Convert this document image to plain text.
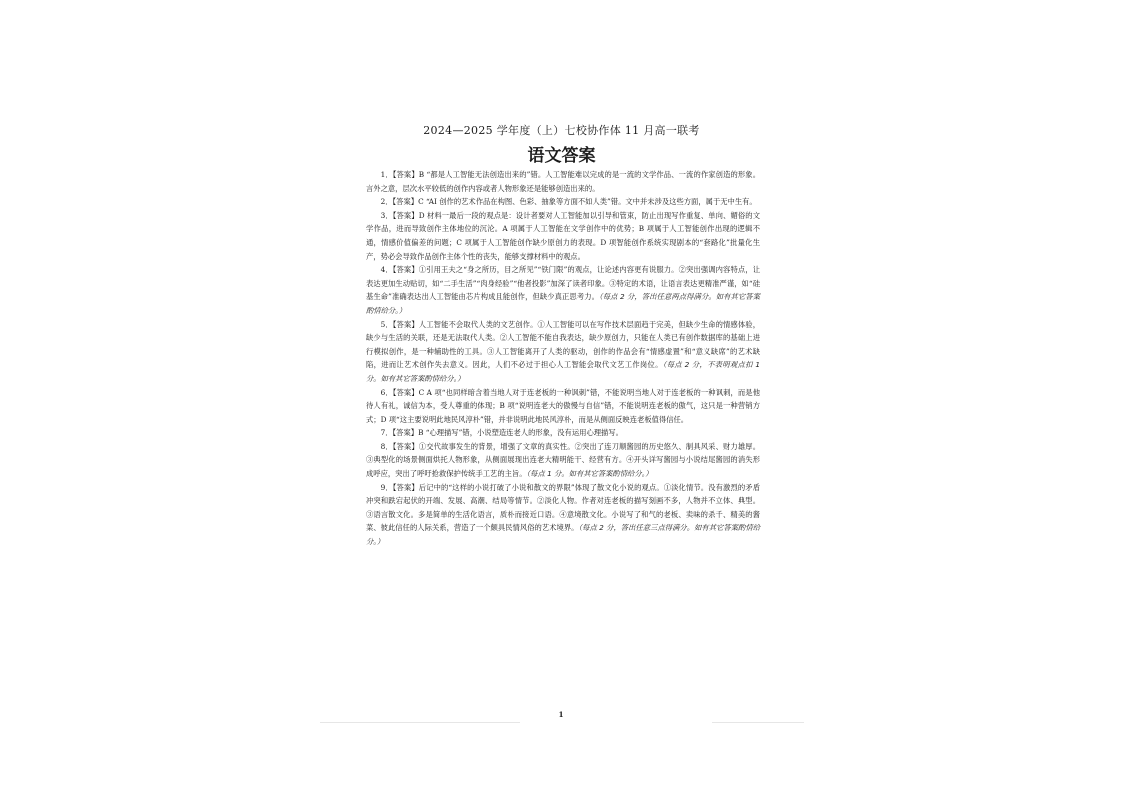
2024—2025 学年度（上）七校协作体 11 月高一联考
语文答案

1．【答案】B “都是人工智能无法创造出来的”错。人工智能难以完成的是一流的文学作品、一流的作家创造的形象。言外之意，层次水平较低的创作内容或者人物形象还是能够创造出来的。

2．【答案】C “AI 创作的艺术作品在构图、色彩、抽象等方面不如人类”错。文中并未涉及这些方面，属于无中生有。

3．【答案】D 材料一最后一段的观点是：设计者要对人工智能加以引导和管束，防止出现写作重复、单向、媚俗的文学作品，进而导致创作主体地位的沉沦。A 项属于人工智能在文学创作中的优势；B 项属于人工智能创作出现的逻辑不通，情感价值偏差的问题；C 项属于人工智能创作缺少原创力的表现。D 项智能创作系统实现剧本的“套路化”批量化生产，势必会导致作品创作主体个性的丧失，能够支撑材料中的观点。

4．【答案】①引用王夫之“身之所历，目之所见”“铁门限”的观点，让论述内容更有说服力。②突出强调内容特点，让表达更加生动贴切，如“二手生活”“肉身经验”“他者投影”加深了读者印象。③特定的术语，让语言表达更精准严谨，如“硅基生命”准确表达出人工智能由芯片构成且能创作，但缺少真正思考力。（每点 2 分，答出任意两点得满分。如有其它答案酌情给分。）

5．【答案】人工智能不会取代人类的文艺创作。①人工智能可以在写作技术层面趋于完美，但缺少生命的情感体验，缺少与生活的关联，还是无法取代人类。②人工智能不能自我表达，缺少原创力，只能在人类已有创作数据库的基础上进行模拟创作，是一种辅助性的工具。③人工智能离开了人类的驱动，创作的作品会有“情感虚置”和“意义缺席”的艺术缺陷，进而让艺术创作失去意义。因此，人们不必过于担心人工智能会取代文艺工作岗位。（每点 2 分，不表明观点扣 1 分。如有其它答案酌情给分。）

6．【答案】C A 项“也同样暗含着当地人对于连老板的一种讽刺”错，不能说明当地人对于连老板的一种讽刺，而是他待人有礼，诚信为本，受人尊重的体现；B 项“说明连老大的傲慢与自信”错，不能说明连老板的傲气，这只是一种营销方式；D 项“这主要说明此地民风淳朴”错，并非说明此地民风淳朴，而是从侧面反映连老板值得信任。

7．【答案】B “心理描写”错，小说塑造连老人的形象，没有运用心理描写。

8．【答案】①交代故事发生的背景，增强了文章的真实性。②突出了连刀顺酱园的历史悠久、制具风采、财力雄厚。③典型化的场景侧面烘托人物形象，从侧面展现出连老大精明能干、经营有方。④开头详写酱园与小说结尾酱园的消失形成呼应，突出了呼吁抢救保护传统手工艺的主旨。（每点 1 分。如有其它答案酌情给分。）

9．【答案】后记中的“这样的小说打破了小说和散文的界限”体现了散文化小说的观点。①淡化情节。没有激烈的矛盾冲突和跌宕起伏的开端、发展、高潮、结局等情节。②淡化人物。作者对连老板的描写刻画不多，人物并不立体、典型。③语言散文化。多是简单的生活化语言，质朴而接近口语。④意境散文化。小说写了和气的老板、卖味的杀千、精美的酱菜、彼此信任的人际关系，营造了一个颇具民情风俗的艺术境界。（每点 2 分，答出任意三点得满分。如有其它答案酌情给分。）

1
